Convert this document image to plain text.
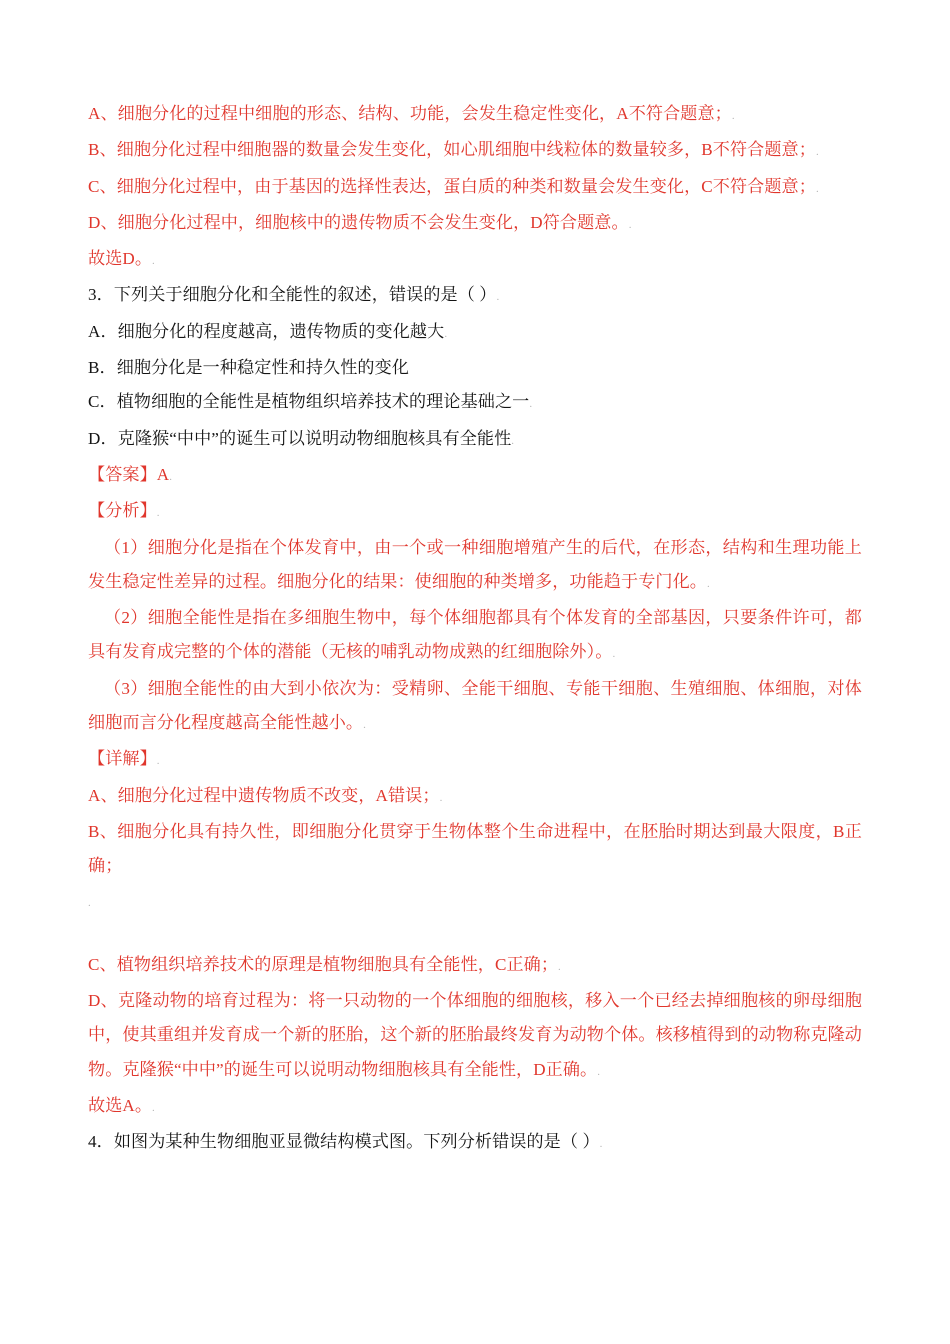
A、细胞分化的过程中细胞的形态、结构、功能，会发生稳定性变化，A不符合题意；.
B、细胞分化过程中细胞器的数量会发生变化，如心肌细胞中线粒体的数量较多，B不符合题意；.
C、细胞分化过程中，由于基因的选择性表达，蛋白质的种类和数量会发生变化，C不符合题意；.
D、细胞分化过程中，细胞核中的遗传物质不会发生变化，D符合题意。.
故选D。.
3．下列关于细胞分化和全能性的叙述，错误的是（ ）.
A．细胞分化的程度越高，遗传物质的变化越大.
B．细胞分化是一种稳定性和持久性的变化
C．植物细胞的全能性是植物组织培养技术的理论基础之一.
D．克隆猴“中中”的诞生可以说明动物细胞核具有全能性.
【答案】A.
【分析】.
（1）细胞分化是指在个体发育中，由一个或一种细胞增殖产生的后代，在形态，结构和生理功能上发生稳定性差异的过程。细胞分化的结果：使细胞的种类增多，功能趋于专门化。.
（2）细胞全能性是指在多细胞生物中，每个体细胞都具有个体发育的全部基因，只要条件许可，都具有发育成完整的个体的潜能（无核的哺乳动物成熟的红细胞除外）。.
（3）细胞全能性的由大到小依次为：受精卵、全能干细胞、专能干细胞、生殖细胞、体细胞，对体细胞而言分化程度越高全能性越小。.
【详解】.
A、细胞分化过程中遗传物质不改变，A错误；.
B、细胞分化具有持久性，即细胞分化贯穿于生物体整个生命进程中，在胚胎时期达到最大限度，B正确；
.

C、植物组织培养技术的原理是植物细胞具有全能性，C正确；.
D、克隆动物的培育过程为：将一只动物的一个体细胞的细胞核，移入一个已经去掉细胞核的卵母细胞中，使其重组并发育成一个新的胚胎，这个新的胚胎最终发育为动物个体。核移植得到的动物称克隆动物。克隆猴“中中”的诞生可以说明动物细胞核具有全能性，D正确。.
故选A。.
4．如图为某种生物细胞亚显微结构模式图。下列分析错误的是（ ）.
